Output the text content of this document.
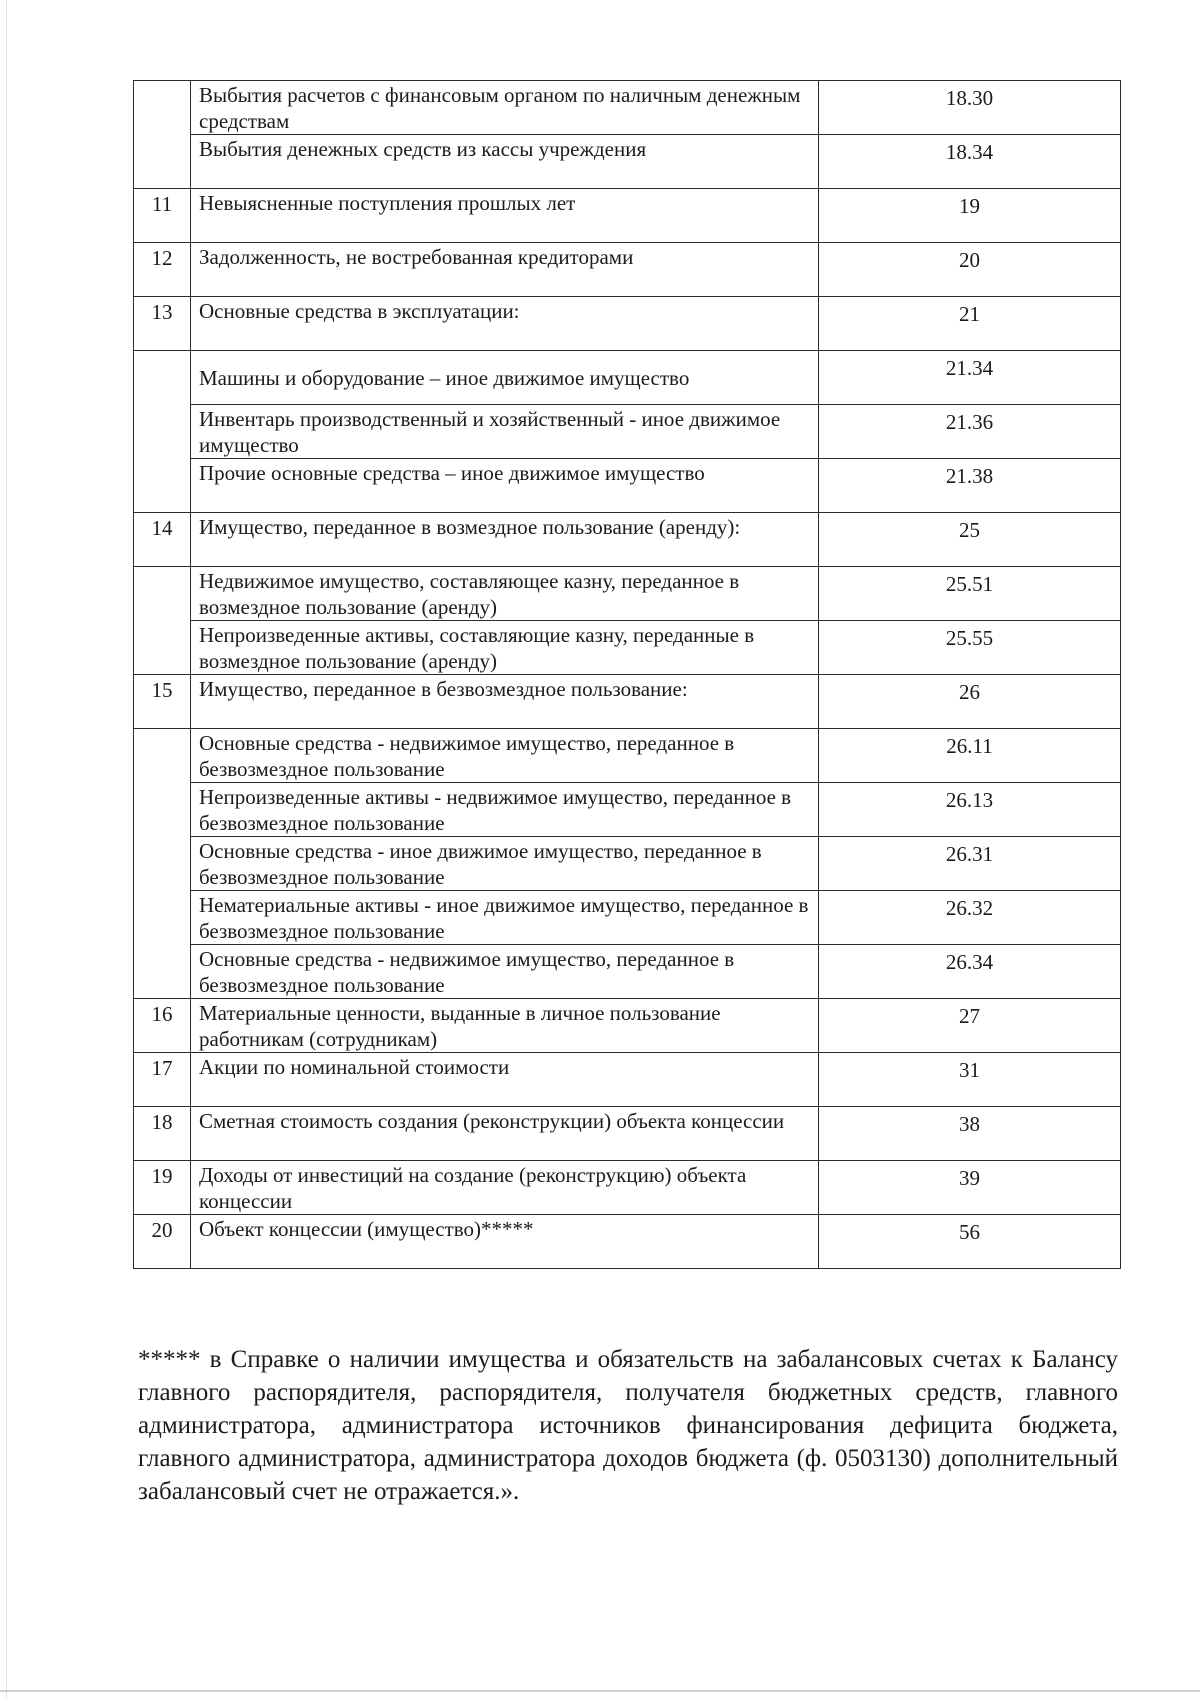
	Выбытия расчетов с финансовым органом по наличным денежным средствам	18.30
	Выбытия денежных средств из кассы учреждения	18.34
11	Невыясненные поступления прошлых лет	19
12	Задолженность, не востребованная кредиторами	20
13	Основные средства в эксплуатации:	21
	Машины и оборудование – иное движимое имущество	21.34
	Инвентарь производственный и хозяйственный - иное движимое имущество	21.36
	Прочие основные средства – иное движимое имущество	21.38
14	Имущество, переданное в возмездное пользование (аренду):	25
	Недвижимое имущество, составляющее казну, переданное в возмездное пользование (аренду)	25.51
	Непроизведенные активы, составляющие казну, переданные в возмездное пользование (аренду)	25.55
15	Имущество, переданное в безвозмездное пользование:	26
	Основные средства - недвижимое имущество, переданное в безвозмездное пользование	26.11
	Непроизведенные активы - недвижимое имущество, переданное в безвозмездное пользование	26.13
	Основные средства - иное движимое имущество, переданное в безвозмездное пользование	26.31
	Нематериальные активы - иное движимое имущество, переданное в безвозмездное пользование	26.32
	Основные средства - недвижимое имущество, переданное в безвозмездное пользование	26.34
16	Материальные ценности, выданные в личное пользование работникам (сотрудникам)	27
17	Акции по номинальной стоимости	31
18	Сметная стоимость создания (реконструкции) объекта концессии	38
19	Доходы от инвестиций на создание (реконструкцию) объекта концессии	39
20	Объект концессии (имущество)*****	56

***** в Справке о наличии имущества и обязательств на забалансовых счетах к Балансу главного распорядителя, распорядителя, получателя бюджетных средств, главного администратора, администратора источников финансирования дефицита бюджета, главного администратора, администратора доходов бюджета (ф. 0503130) дополнительный забалансовый счет не отражается.».
